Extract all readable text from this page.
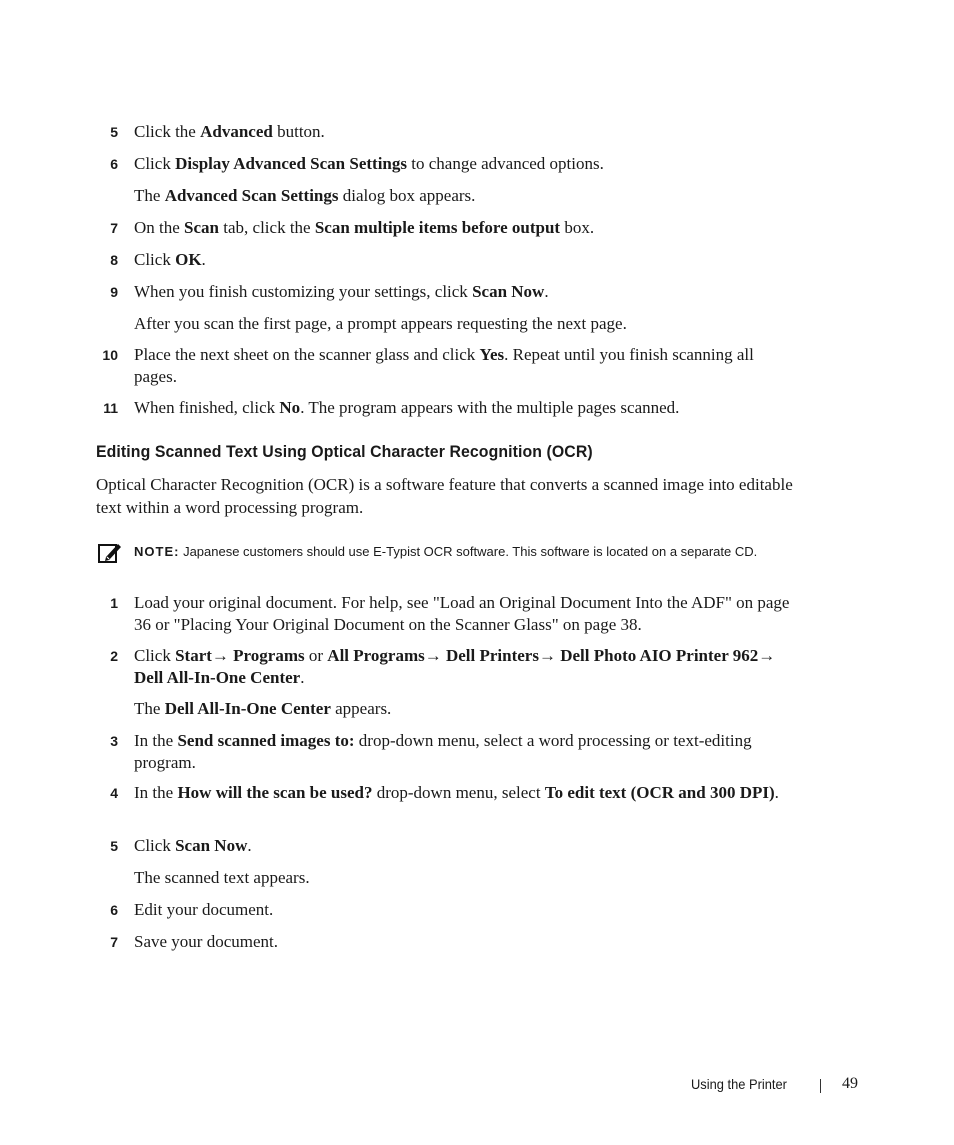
5 Click the Advanced button.
6 Click Display Advanced Scan Settings to change advanced options.
The Advanced Scan Settings dialog box appears.
7 On the Scan tab, click the Scan multiple items before output box.
8 Click OK.
9 When you finish customizing your settings, click Scan Now.
After you scan the first page, a prompt appears requesting the next page.
10 Place the next sheet on the scanner glass and click Yes. Repeat until you finish scanning all pages.
11 When finished, click No. The program appears with the multiple pages scanned.
Editing Scanned Text Using Optical Character Recognition (OCR)
Optical Character Recognition (OCR) is a software feature that converts a scanned image into editable text within a word processing program.
NOTE: Japanese customers should use E-Typist OCR software. This software is located on a separate CD.
1 Load your original document. For help, see "Load an Original Document Into the ADF" on page 36 or "Placing Your Original Document on the Scanner Glass" on page 38.
2 Click Start→ Programs or All Programs→ Dell Printers→ Dell Photo AIO Printer 962→ Dell All-In-One Center.
The Dell All-In-One Center appears.
3 In the Send scanned images to: drop-down menu, select a word processing or text-editing program.
4 In the How will the scan be used? drop-down menu, select To edit text (OCR and 300 DPI).
5 Click Scan Now.
The scanned text appears.
6 Edit your document.
7 Save your document.
Using the Printer	49
